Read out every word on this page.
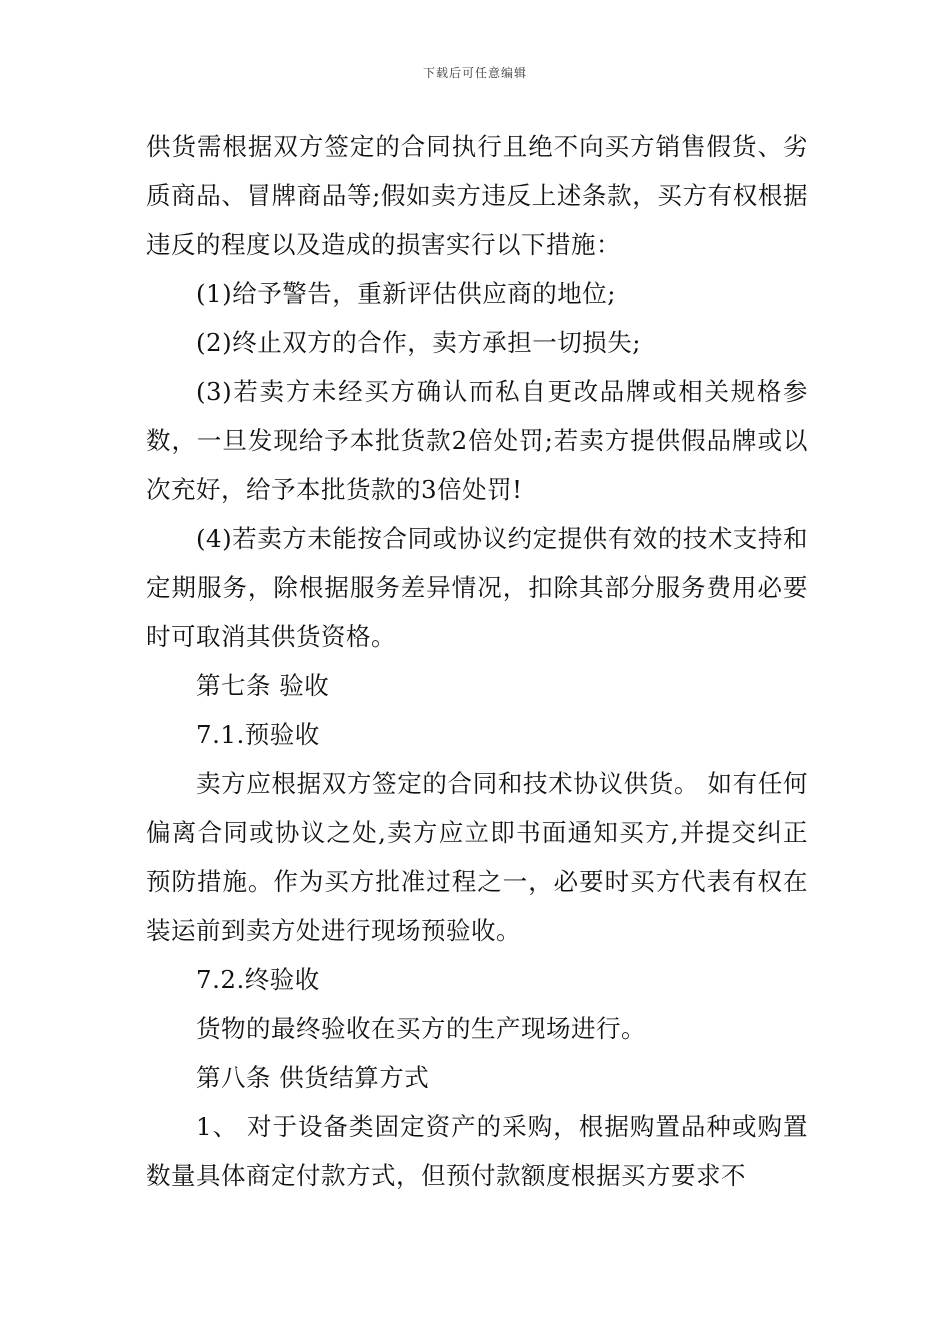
下载后可任意编辑

供货需根据双方签定的合同执行且绝不向买方销售假货、劣质商品、冒牌商品等;假如卖方违反上述条款，买方有权根据违反的程度以及造成的损害实行以下措施：

(1)给予警告，重新评估供应商的地位;

(2)终止双方的合作，卖方承担一切损失;

(3)若卖方未经买方确认而私自更改品牌或相关规格参数，一旦发现给予本批货款2倍处罚;若卖方提供假品牌或以次充好，给予本批货款的3倍处罚!

(4)若卖方未能按合同或协议约定提供有效的技术支持和定期服务，除根据服务差异情况，扣除其部分服务费用必要时可取消其供货资格。

第七条 验收

7.1.预验收

卖方应根据双方签定的合同和技术协议供货。 如有任何偏离合同或协议之处,卖方应立即书面通知买方,并提交纠正预防措施。作为买方批准过程之一，必要时买方代表有权在装运前到卖方处进行现场预验收。

7.2.终验收

货物的最终验收在买方的生产现场进行。

第八条 供货结算方式

1、 对于设备类固定资产的采购，根据购置品种或购置数量具体商定付款方式，但预付款额度根据买方要求不
